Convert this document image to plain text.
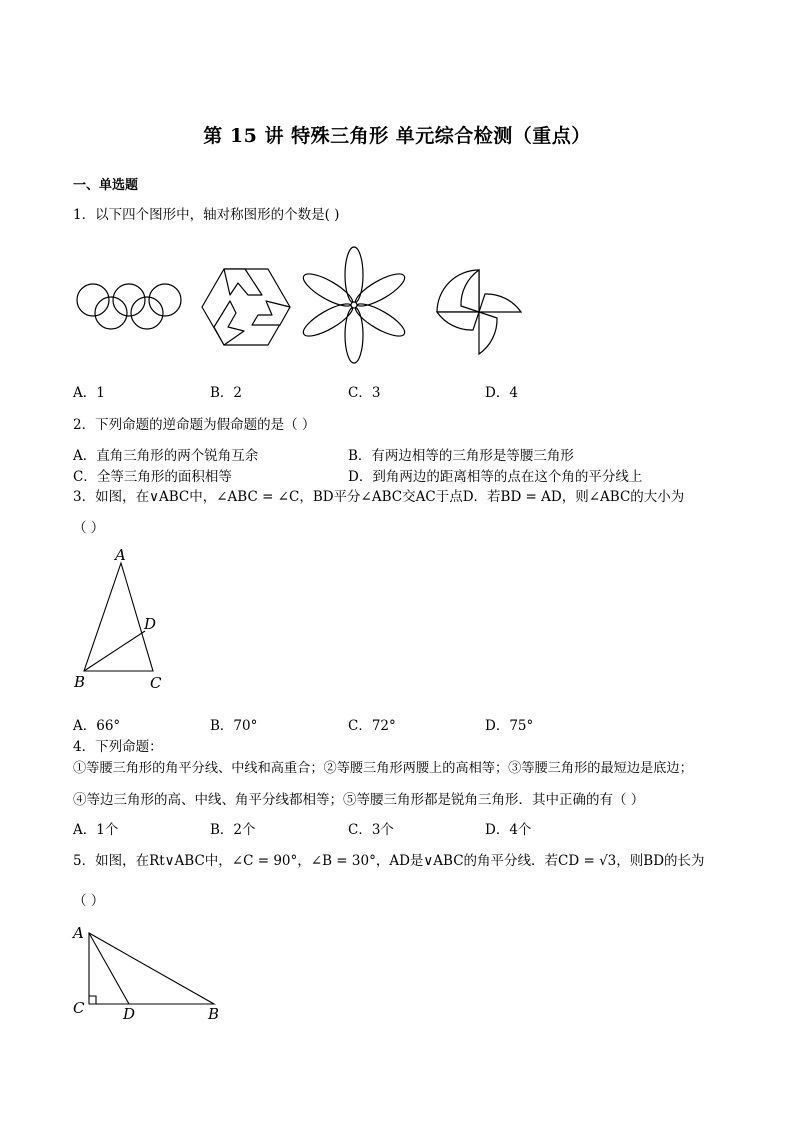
第 15 讲 特殊三角形 单元综合检测（重点）
一、单选题
1．以下四个图形中，轴对称图形的个数是( )
A．1	B．2	C．3	D．4
2．下列命题的逆命题为假命题的是（ ）
A．直角三角形的两个锐角互余	B．有两边相等的三角形是等腰三角形
C．全等三角形的面积相等	D．到角两边的距离相等的点在这个角的平分线上
3．如图，在∨ABC中，∠ABC = ∠C，BD平分∠ABC交AC于点D．若BD = AD，则∠ABC的大小为
（ ）
A
B	C
D
A．66°	B．70°	C．72°	D．75°
4．下列命题：
①等腰三角形的角平分线、中线和高重合；②等腰三角形两腰上的高相等；③等腰三角形的最短边是底边；
④等边三角形的高、中线、角平分线都相等；⑤等腰三角形都是锐角三角形．其中正确的有（ ）
A．1个	B．2个	C．3个	D．4个
5．如图，在Rt∨ABC中，∠C = 90°，∠B = 30°，AD是∨ABC的角平分线．若CD = √3，则BD的长为
（ ）
A
C	D	B
